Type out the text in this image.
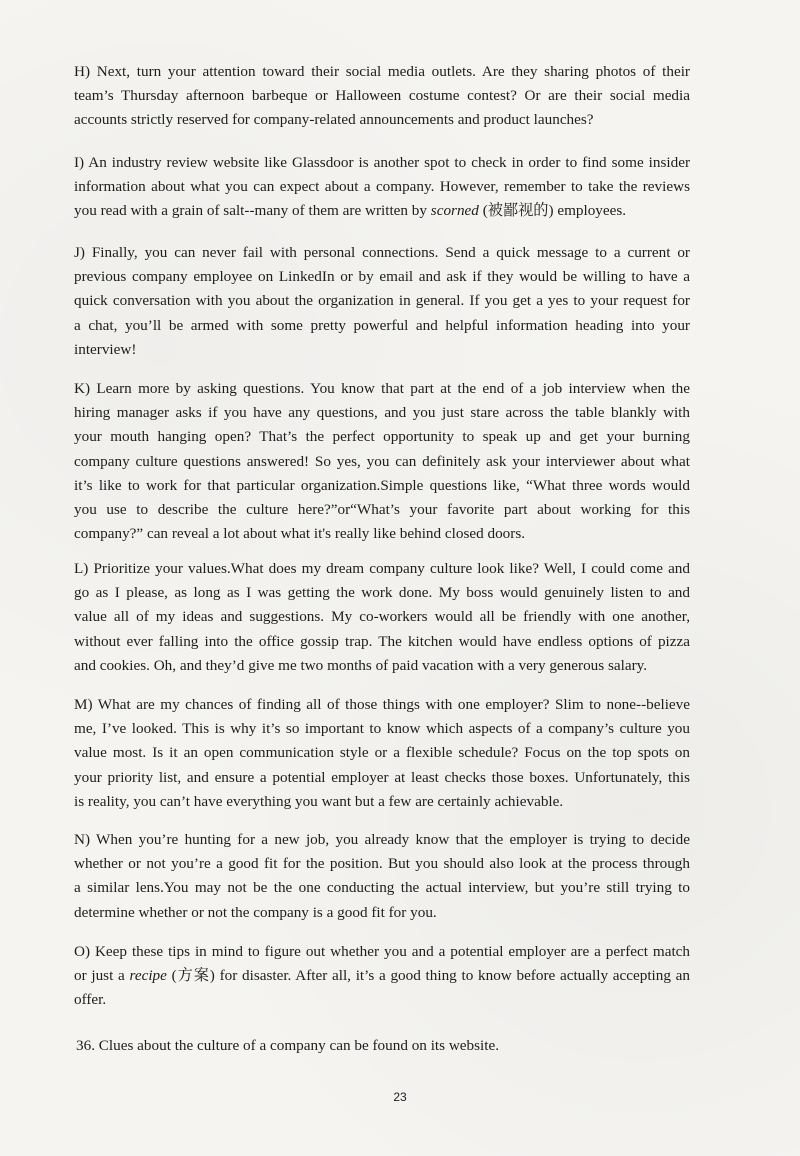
H) Next, turn your attention toward their social media outlets. Are they sharing photos of their
team’s Thursday afternoon barbeque or Halloween costume contest? Or are their social media
accounts strictly reserved for company-related announcements and product launches?

I) An industry review website like Glassdoor is another spot to check in order to find some insider
information about what you can expect about a company. However, remember to take the reviews
you read with a grain of salt--many of them are written by scorned (被鄙视的) employees.

J) Finally, you can never fail with personal connections. Send a quick message to a current or
previous company employee on LinkedIn or by email and ask if they would be willing to have a
quick conversation with you about the organization in general. If you get a yes to your request for
a chat, you’ll be armed with some pretty powerful and helpful information heading into your
interview!

K) Learn more by asking questions. You know that part at the end of a job interview when the
hiring manager asks if you have any questions, and you just stare across the table blankly with
your mouth hanging open? That’s the perfect opportunity to speak up and get your burning
company culture questions answered! So yes, you can definitely ask your interviewer about what
it’s like to work for that particular organization.Simple questions like, “What three words would
you use to describe the culture here?”or“What’s your favorite part about working for this
company?” can reveal a lot about what it's really like behind closed doors.

L) Prioritize your values.What does my dream company culture look like? Well, I could come and
go as I please, as long as I was getting the work done. My boss would genuinely listen to and
value all of my ideas and suggestions. My co-workers would all be friendly with one another,
without ever falling into the office gossip trap. The kitchen would have endless options of pizza
and cookies. Oh, and they’d give me two months of paid vacation with a very generous salary.

M) What are my chances of finding all of those things with one employer? Slim to none--believe
me, I’ve looked. This is why it’s so important to know which aspects of a company’s culture you
value most. Is it an open communication style or a flexible schedule? Focus on the top spots on
your priority list, and ensure a potential employer at least checks those boxes. Unfortunately, this
is reality, you can’t have everything you want but a few are certainly achievable.

N) When you’re hunting for a new job, you already know that the employer is trying to decide
whether or not you’re a good fit for the position. But you should also look at the process through
a similar lens.You may not be the one conducting the actual interview, but you’re still trying to
determine whether or not the company is a good fit for you.

O) Keep these tips in mind to figure out whether you and a potential employer are a perfect match
or just a recipe (方案) for disaster. After all, it’s a good thing to know before actually accepting an
offer.

36. Clues about the culture of a company can be found on its website.

23
